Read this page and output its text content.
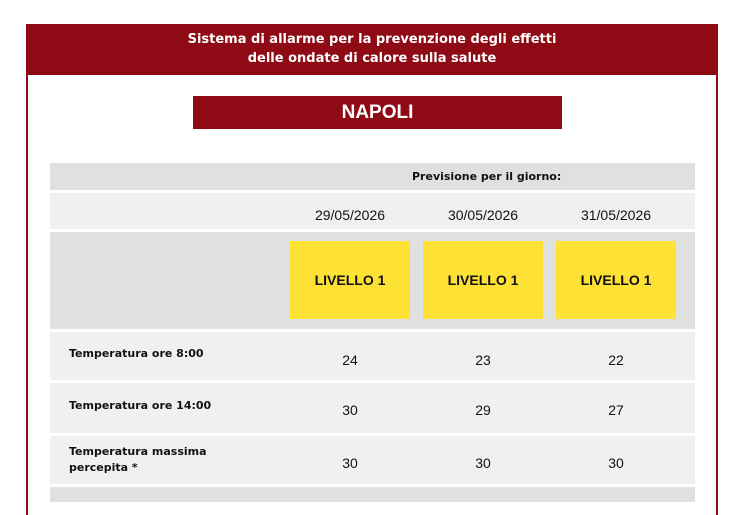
Sistema di allarme per la prevenzione degli effetti
delle ondate di calore sulla salute
NAPOLI
Previsione per il giorno:
29/05/2026	30/05/2026	31/05/2026
LIVELLO 1	LIVELLO 1	LIVELLO 1
Temperatura ore 8:00	24	23	22
Temperatura ore 14:00	30	29	27
Temperatura massima percepita *	30	30	30
